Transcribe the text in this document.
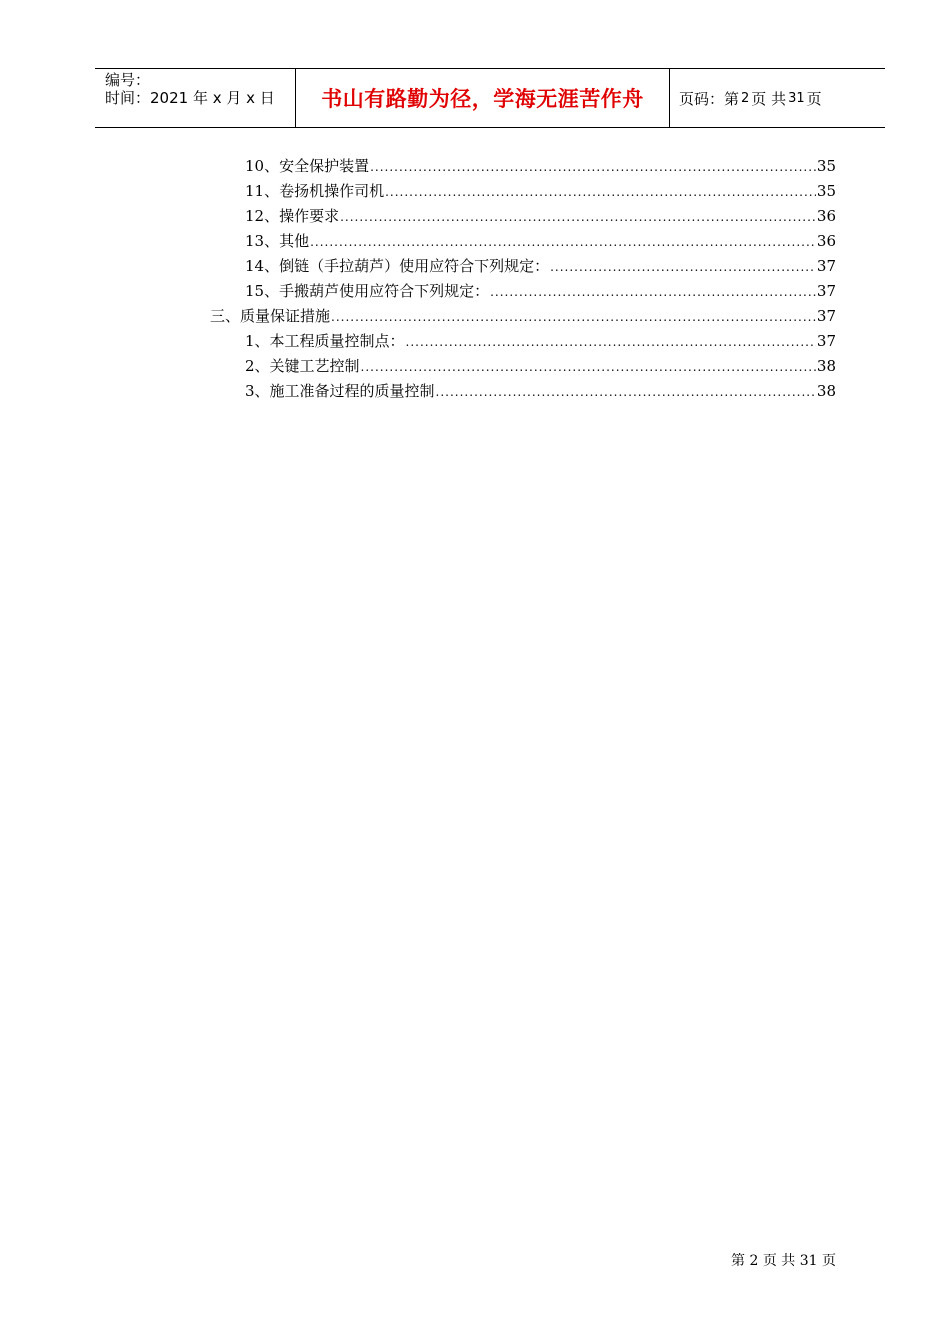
编号：
时间：2021 年 x 月 x 日	书山有路勤为径，学海无涯苦作舟	页码：第 2 页 共 31 页
10、安全保护装置 .....	35
11、卷扬机操作司机 .....	35
12、操作要求 .....	36
13、其他 .....	36
14、倒链（手拉葫芦）使用应符合下列规定： .....	37
15、手搬葫芦使用应符合下列规定： .....	37
三、质量保证措施 .....	37
1、本工程质量控制点： .....	37
2、关键工艺控制 .....	38
3、施工准备过程的质量控制 .....	38
第 2 页 共 31 页
